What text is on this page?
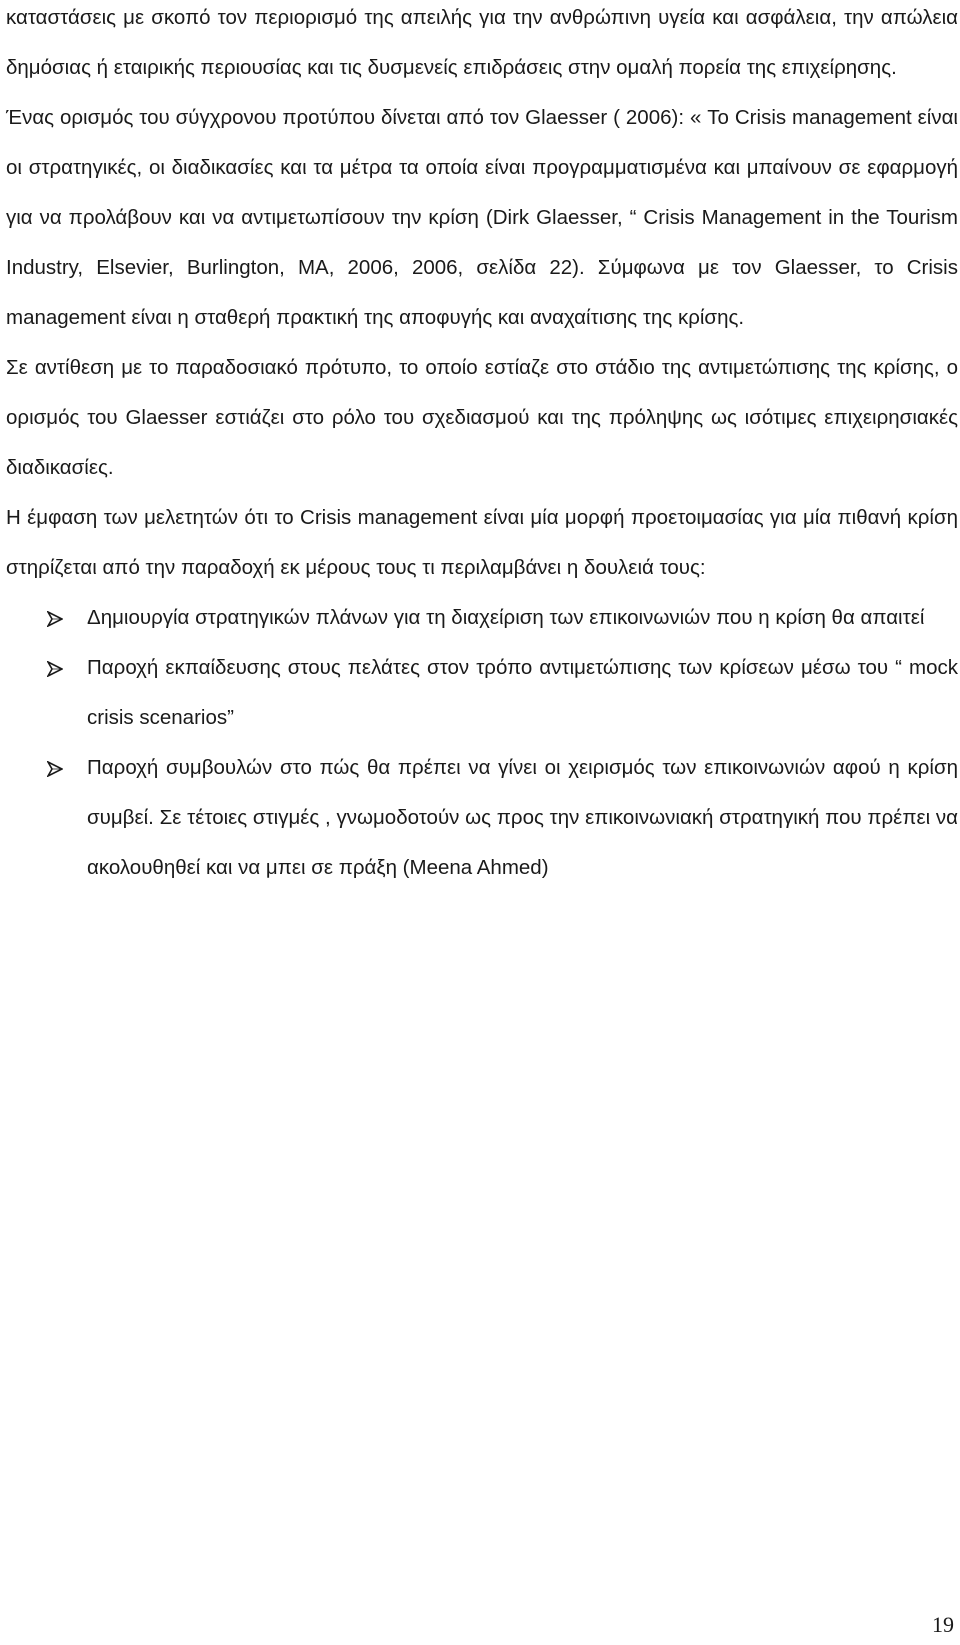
καταστάσεις με σκοπό τον περιορισμό της απειλής για την ανθρώπινη υγεία και ασφάλεια, την απώλεια δημόσιας ή εταιρικής περιουσίας και τις δυσμενείς επιδράσεις στην ομαλή πορεία της επιχείρησης.

Ένας ορισμός του σύγχρονου προτύπου δίνεται από τον Glaesser ( 2006): « Το Crisis management είναι οι στρατηγικές, οι διαδικασίες και τα μέτρα τα οποία είναι προγραμματισμένα και μπαίνουν σε εφαρμογή για να προλάβουν και να αντιμετωπίσουν την κρίση (Dirk Glaesser, “ Crisis Management in the Tourism Industry, Elsevier, Burlington, MA, 2006, 2006, σελίδα 22). Σύμφωνα με τον Glaesser, το Crisis management είναι η σταθερή πρακτική της αποφυγής και αναχαίτισης της κρίσης.

Σε αντίθεση με το παραδοσιακό πρότυπο, το οποίο εστίαζε στο στάδιο της αντιμετώπισης της κρίσης, ο ορισμός του Glaesser εστιάζει στο ρόλο του σχεδιασμού και της πρόληψης ως ισότιμες επιχειρησιακές διαδικασίες.

Η έμφαση των μελετητών ότι το Crisis management είναι μία μορφή προετοιμασίας για μία πιθανή κρίση στηρίζεται από την παραδοχή εκ μέρους τους τι περιλαμβάνει η δουλειά τους:

Δημιουργία στρατηγικών πλάνων για τη διαχείριση των επικοινωνιών που η κρίση θα απαιτεί
Παροχή εκπαίδευσης στους πελάτες στον τρόπο αντιμετώπισης των κρίσεων μέσω του “ mock crisis scenarios”
Παροχή συμβουλών στο πώς θα πρέπει να γίνει οι χειρισμός των επικοινωνιών αφού η κρίση συμβεί. Σε τέτοιες στιγμές , γνωμοδοτούν ως προς την επικοινωνιακή στρατηγική που πρέπει να ακολουθηθεί και να μπει σε πράξη (Meena Ahmed)
19
